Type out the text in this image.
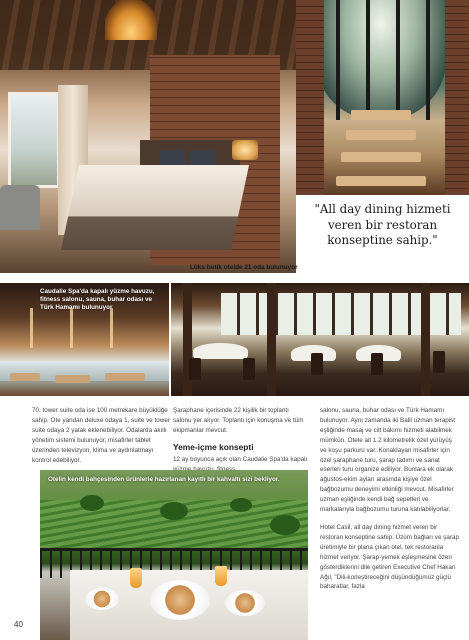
"All day dining hizmeti
veren bir restoran
konseptine sahip."
Lüks butik otelde 21 oda bulunuyor
Caudalie Spa'da kapalı yüzme havuzu, fitness salonu, sauna, buhar odası ve Türk Hamamı bulunuyor

70, tower suite oda ise 100 metrekare büyüklüğe sahip. Ote yandan deluxe odaya 1, suite ve tower suite odaya 2 yatak eklenebiliyor. Odalarda akıllı yönetim sistemi bulunuyor, misafirler tablet üzerinden televizyon, klima ve aydınlatmayı kontrol edebiliyor.

Şaraphane içerisinde 22 kişilik bir toplantı salonu yer alıyor. Toplantı için konuşma ve tüm ekipmanlar mevcut.

Yeme-içme konsepti

12 ay boyunca açık olan Caudalie Spa'da kapalı

salonu, sauna, buhar odası ve Türk Hamamı bulunuyor. Aynı zamanda iki Balil uzman terapist eşliğinde masaj ve cilt bakımı hizmeti alabilmek mümkün. Otele ait 1.2 kilometrelik özel yürüyüş ve koşu parkuru var. Konaklayan misafirler için özel şaraphane turu, şarap tadımı ve sanat eserleri turu organize ediliyor. Bunlara ek olarak ağustos-ekim ayları arasında kişiye özel bağbozumu deneyimi etkinliği mevcut. Misafirler uzman eşliğinde kendi bağ sepetleri ve markalarıyla bağbozumu turuna katılabiliyorlar.

Hotel Casil, all day dining hizmet veren bir restoran konseptine sahip. Üzüm bağları ve şarap üretimiyle bir plana çıkan otel, tek restoranla hizmet veriyor. Şarap-yemek eşleşmesine özen gösterdiklerini dile getiren Executive Chef Hakan Ağıl, "Dili-korleştireceğini düşündüğümüz güçlü baharatlar, fazla

Otelin kendi bahçesinden ürünlerle hazırlanan kayıtlı bir kahvaltı sizi bekliyor.
40
